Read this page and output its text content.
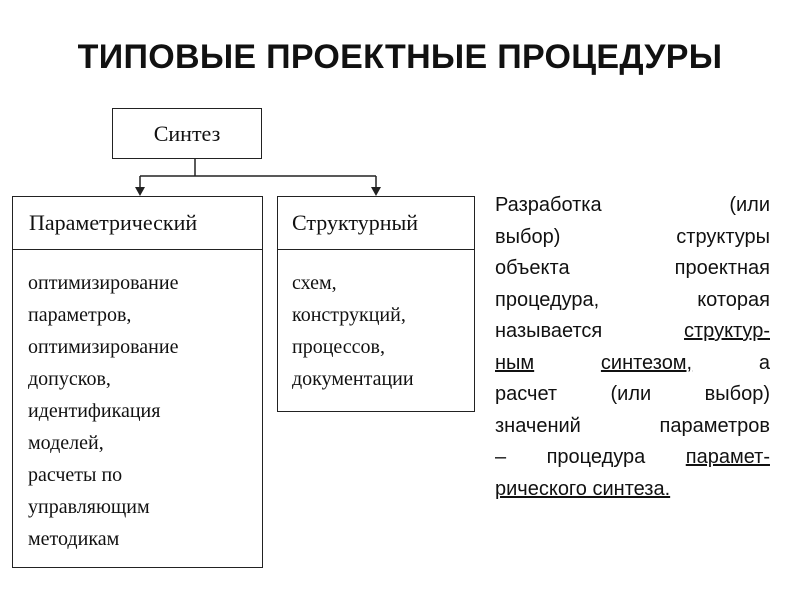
ТИПОВЫЕ ПРОЕКТНЫЕ ПРОЦЕДУРЫ
Синтез
Параметрический
оптимизирование
параметров,
оптимизирование
допусков,
идентификация
моделей,
расчеты по
управляющим
методикам
Структурный
схем,
конструкций,
процессов,
документации
Разработка	(или
выбор)	структуры
объекта	проектная
процедура,	которая
называется	структур-
ным	синтезом,	а
расчет	(или	выбор)
значений	параметров
– процедура парамет-
рического синтеза.
